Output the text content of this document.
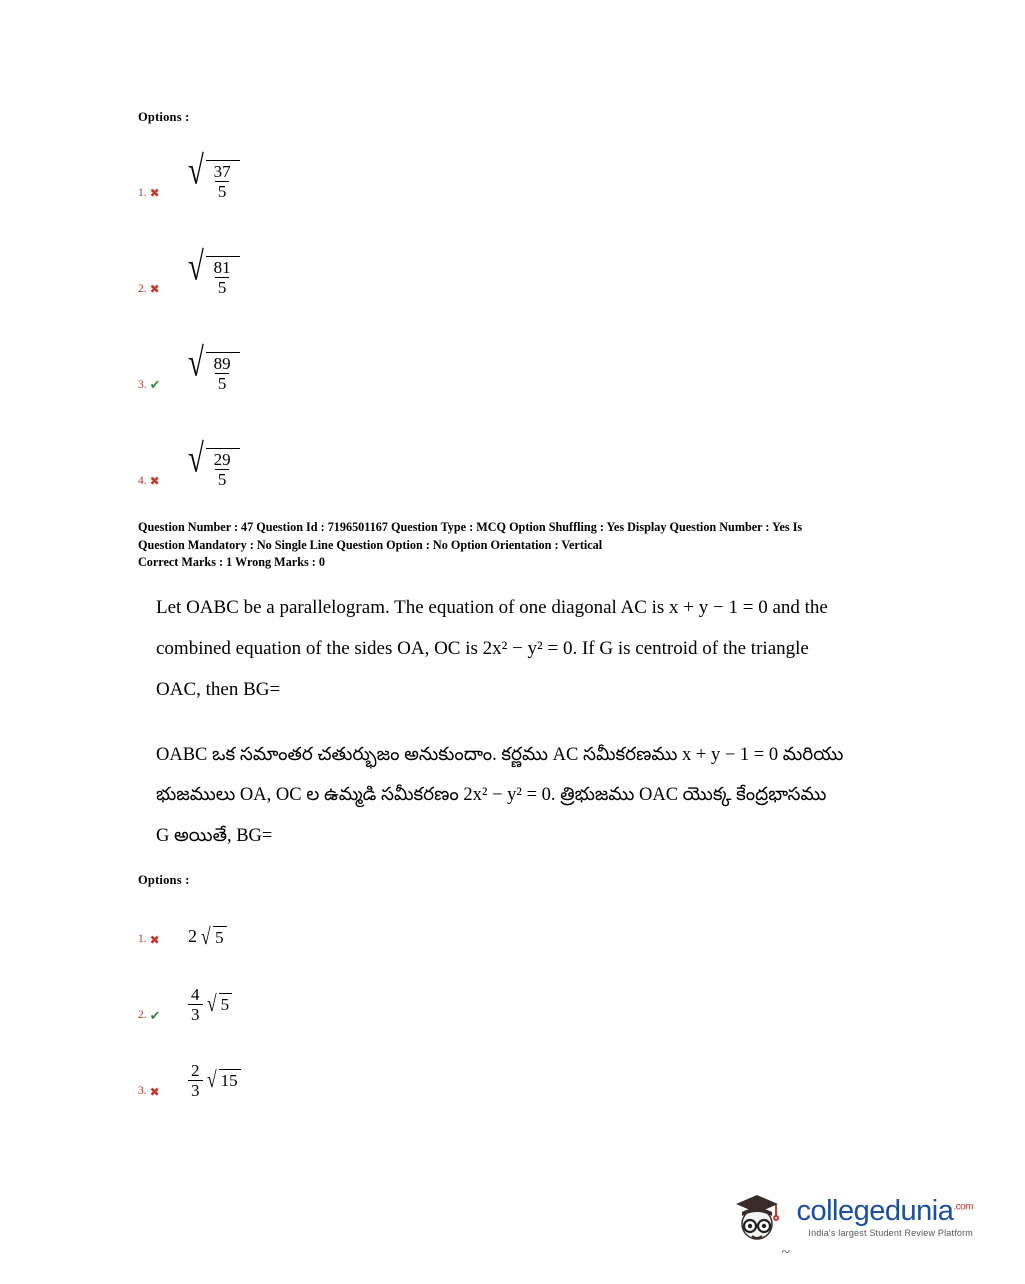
Options :
1. ✖
√ $\frac{37}{5}$
2. ✖
√ $\frac{81}{5}$
3. ✔ √ $\frac{89}{5}$
4. ✖
√ $\frac{29}{5}$
Question Number : 47 Question Id : 7196501167 Question Type : MCQ Option Shuffling : Yes Display Question Number : Yes Is
Question Mandatory : No Single Line Question Option : No Option Orientation : Vertical
Correct Marks : 1 Wrong Marks : 0
Let OABC be a parallelogram. The equation of one diagonal AC is x + y − 1 = 0 and the
combined equation of the sides OA, OC is 2x² − y² = 0. If G is centroid of the triangle
OAC, then BG=
OABC ఒక సమాంతర చతుర్భుజం అనుకుందాం. కర్ణము AC సమీకరణము x + y − 1 = 0 మరియు
భుజములు OA, OC ల ఉమ్మడి సమీకరణం 2x² − y² = 0. త్రిభుజము OAC యొక్క కేంద్రభాసము
G అయితే, BG=
Options :
1. ✖ 2 √ 5
2. ✔ $\frac{4}{3}$ √ 5
3. ✖ $\frac{2}{3}$ √ 15
~
collegedunia$^{.com}$
India's largest Student Review Platform
